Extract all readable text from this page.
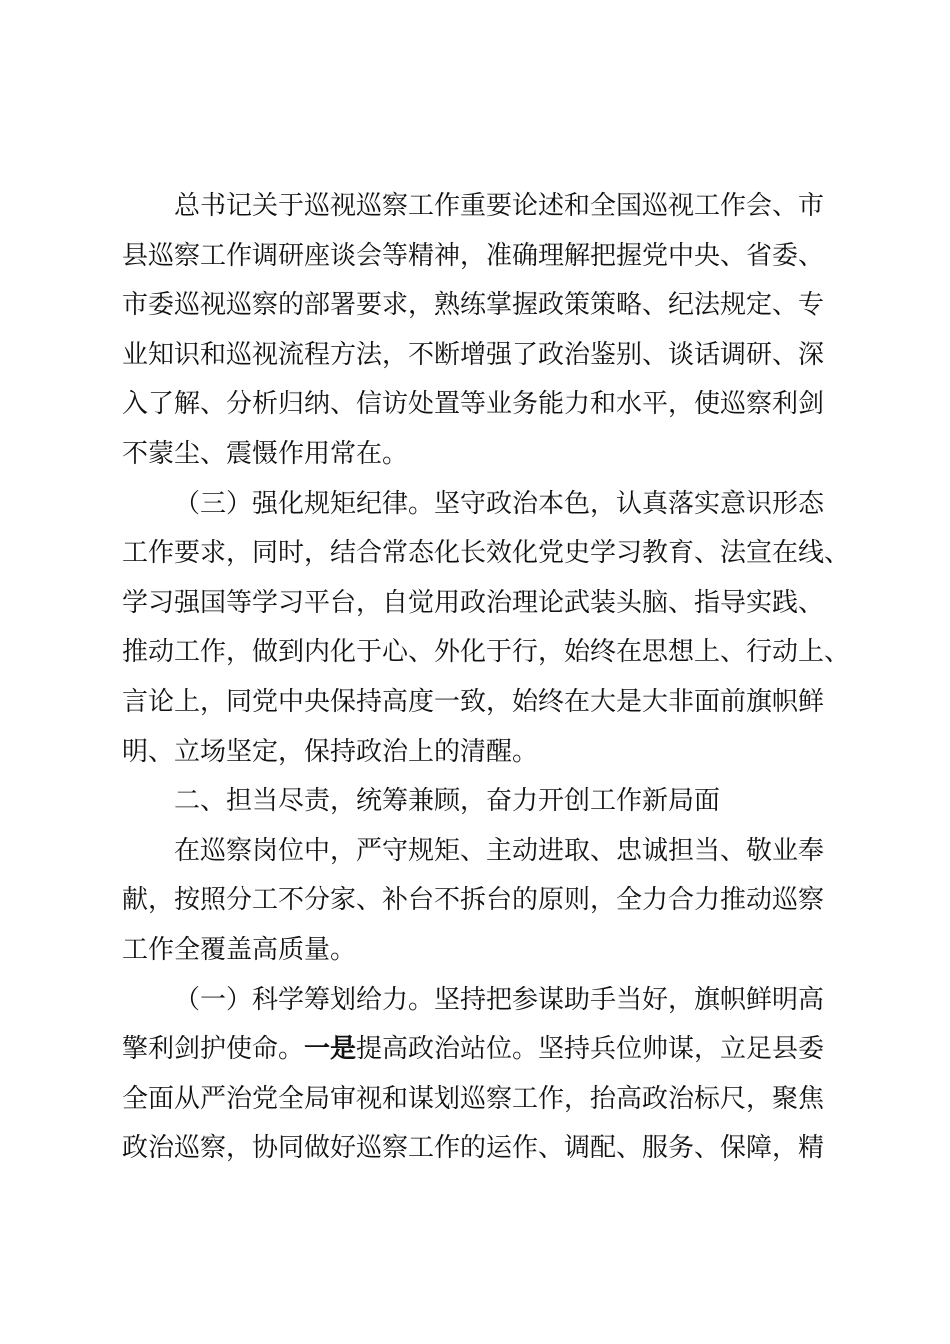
总书记关于巡视巡察工作重要论述和全国巡视工作会、市
县巡察工作调研座谈会等精神，准确理解把握党中央、省委、
市委巡视巡察的部署要求，熟练掌握政策策略、纪法规定、专
业知识和巡视流程方法，不断增强了政治鉴别、谈话调研、深
入了解、分析归纳、信访处置等业务能力和水平，使巡察利剑
不蒙尘、震慑作用常在。
（三）强化规矩纪律。坚守政治本色，认真落实意识形态
工作要求，同时，结合常态化长效化党史学习教育、法宣在线、
学习强国等学习平台，自觉用政治理论武装头脑、指导实践、
推动工作，做到内化于心、外化于行，始终在思想上、行动上、
言论上，同党中央保持高度一致，始终在大是大非面前旗帜鲜
明、立场坚定，保持政治上的清醒。
二、担当尽责，统筹兼顾，奋力开创工作新局面
在巡察岗位中，严守规矩、主动进取、忠诚担当、敬业奉
献，按照分工不分家、补台不拆台的原则，全力合力推动巡察
工作全覆盖高质量。
（一）科学筹划给力。坚持把参谋助手当好，旗帜鲜明高
擎利剑护使命。一是提高政治站位。坚持兵位帅谋，立足县委
全面从严治党全局审视和谋划巡察工作，抬高政治标尺，聚焦
政治巡察，协同做好巡察工作的运作、调配、服务、保障，精
